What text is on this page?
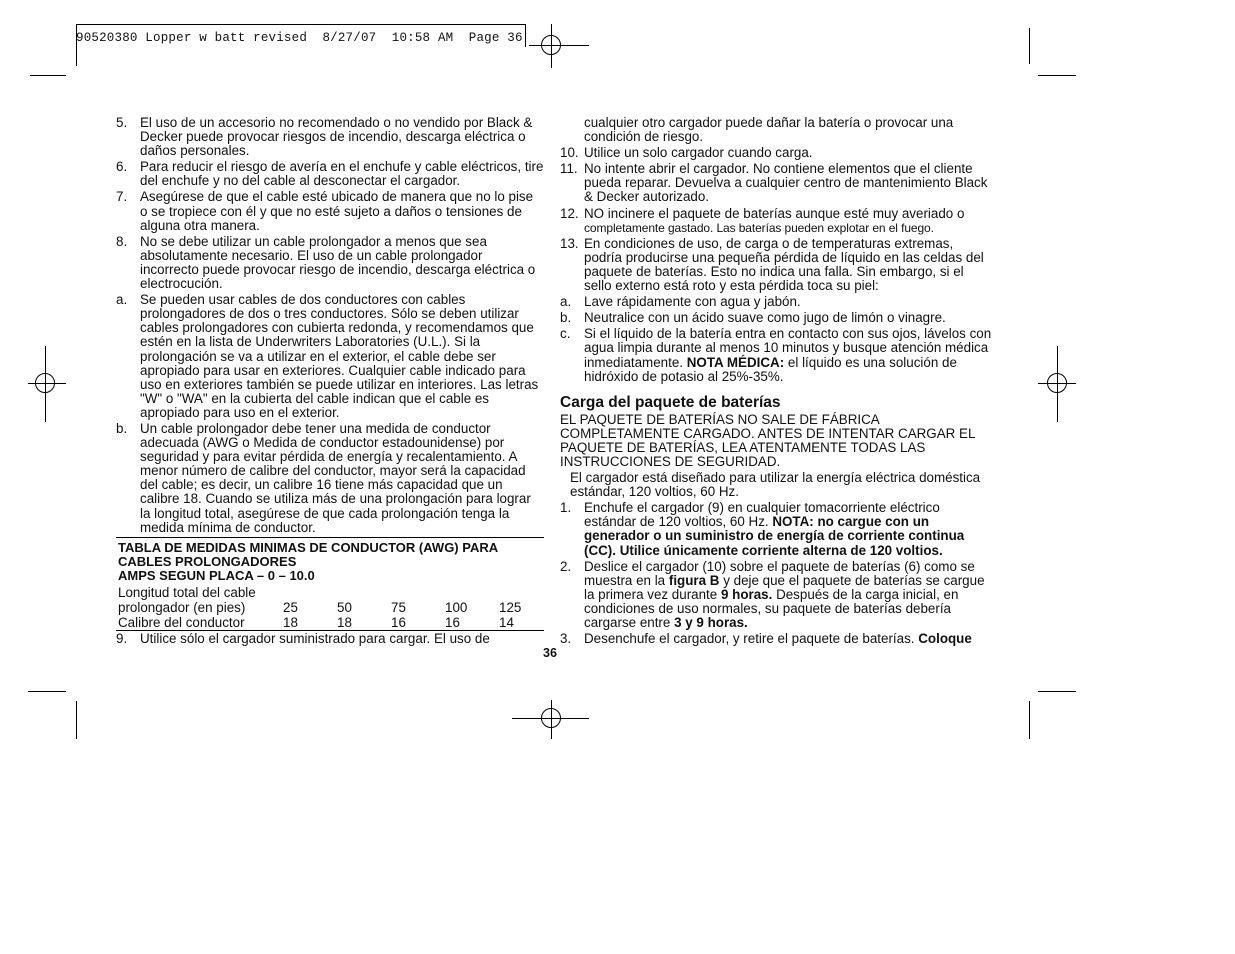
90520380 Lopper w batt revised  8/27/07  10:58 AM  Page 36
5. El uso de un accesorio no recomendado o no vendido por Black & Decker puede provocar riesgos de incendio, descarga eléctrica o daños personales.
6. Para reducir el riesgo de avería en el enchufe y cable eléctricos, tire del enchufe y no del cable al desconectar el cargador.
7. Asegúrese de que el cable esté ubicado de manera que no lo pise o se tropiece con él y que no esté sujeto a daños o tensiones de alguna otra manera.
8. No se debe utilizar un cable prolongador a menos que sea absolutamente necesario. El uso de un cable prolongador incorrecto puede provocar riesgo de incendio, descarga eléctrica o electrocución.
a. Se pueden usar cables de dos conductores con cables prolongadores de dos o tres conductores. Sólo se deben utilizar cables prolongadores con cubierta redonda, y recomendamos que estén en la lista de Underwriters Laboratories (U.L.). Si la prolongación se va a utilizar en el exterior, el cable debe ser apropiado para usar en exteriores. Cualquier cable indicado para uso en exteriores también se puede utilizar en interiores. Las letras "W" o "WA" en la cubierta del cable indican que el cable es apropiado para uso en el exterior.
b. Un cable prolongador debe tener una medida de conductor adecuada (AWG o Medida de conductor estadounidense) por seguridad y para evitar pérdida de energía y recalentamiento. A menor número de calibre del conductor, mayor será la capacidad del cable; es decir, un calibre 16 tiene más capacidad que un calibre 18. Cuando se utiliza más de una prolongación para lograr la longitud total, asegúrese de que cada prolongación tenga la medida mínima de conductor.
TABLA DE MEDIDAS MINIMAS DE CONDUCTOR (AWG) PARA CABLES PROLONGADORES
AMPS SEGUN PLACA – 0 – 10.0
Longitud total del cable					
prolongador (en pies)	25	50	75	100	125
Calibre del conductor	18	18	16	16	14
9. Utilice sólo el cargador suministrado para cargar. El uso de
cualquier otro cargador puede dañar la batería o provocar una condición de riesgo.
10. Utilice un solo cargador cuando carga.
11. No intente abrir el cargador. No contiene elementos que el cliente pueda reparar. Devuelva a cualquier centro de mantenimiento Black & Decker autorizado.
12. NO incinere el paquete de baterías aunque esté muy averiado o
completamente gastado. Las baterías pueden explotar en el fuego.
13. En condiciones de uso, de carga o de temperaturas extremas, podría producirse una pequeña pérdida de líquido en las celdas del paquete de baterías. Esto no indica una falla. Sin embargo, si el sello externo está roto y esta pérdida toca su piel:
a. Lave rápidamente con agua y jabón.
b. Neutralice con un ácido suave como jugo de limón o vinagre.
c. Si el líquido de la batería entra en contacto con sus ojos, lávelos con agua limpia durante al menos 10 minutos y busque atención médica inmediatamente. NOTA MÉDICA: el líquido es una solución de hidróxido de potasio al 25%-35%.
Carga del paquete de baterías
EL PAQUETE DE BATERÍAS NO SALE DE FÁBRICA COMPLETAMENTE CARGADO. ANTES DE INTENTAR CARGAR EL PAQUETE DE BATERÍAS, LEA ATENTAMENTE TODAS LAS INSTRUCCIONES DE SEGURIDAD.
El cargador está diseñado para utilizar la energía eléctrica doméstica estándar, 120 voltios, 60 Hz.
1. Enchufe el cargador (9) en cualquier tomacorriente eléctrico estándar de 120 voltios, 60 Hz. NOTA: no cargue con un generador o un suministro de energía de corriente continua (CC). Utilice únicamente corriente alterna de 120 voltios.
2. Deslice el cargador (10) sobre el paquete de baterías (6) como se muestra en la figura B y deje que el paquete de baterías se cargue la primera vez durante 9 horas. Después de la carga inicial, en condiciones de uso normales, su paquete de baterías debería cargarse entre 3 y 9 horas.
3. Desenchufe el cargador, y retire el paquete de baterías. Coloque
36
